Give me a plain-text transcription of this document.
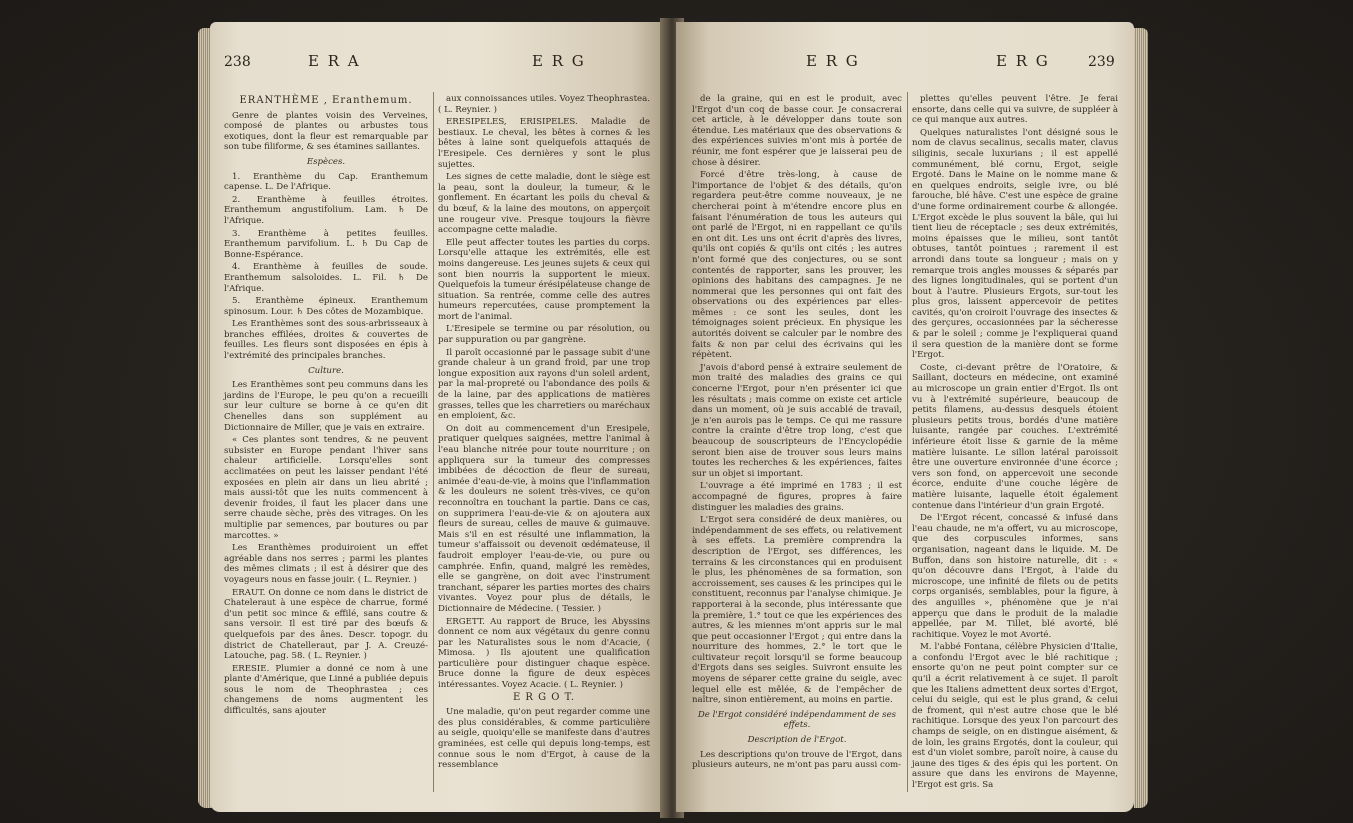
238	E R A	E R G
ERANTHÈME , Eranthemum.

Genre de plantes voisin des Verveines, composé de plantes ou arbustes tous exotiques, dont la fleur est remarquable par son tube filiforme, & ses étamines saillantes.

Espèces.

1. Eranthème du Cap. Eranthemum capense. L. De l'Afrique.

2. Eranthème à feuilles étroites. Eranthemum angustifolium. Lam. ♄ De l'Afrique.

3. Eranthème à petites feuilles. Eranthemum parvifolium. L. ♄ Du Cap de Bonne-Espérance.

4. Eranthème à feuilles de soude. Eranthemum salsoloides. L. Fil. ♄ De l'Afrique.

5. Eranthème épineux. Eranthemum spinosum. Lour. ♄ Des côtes de Mozambique.

Les Eranthèmes sont des sous-arbrisseaux à branches effilées, droites & couvertes de feuilles. Les fleurs sont disposées en épis à l'extrémité des principales branches.

Culture.

Les Eranthèmes sont peu communs dans les jardins de l'Europe, le peu qu'on a recueilli sur leur culture se borne à ce qu'en dit Chenelles dans son supplément au Dictionnaire de Miller, que je vais en extraire.

« Ces plantes sont tendres, & ne peuvent subsister en Europe pendant l'hiver sans chaleur artificielle. Lorsqu'elles sont acclimatées on peut les laisser pendant l'été exposées en plein air dans un lieu abrité ; mais aussi-tôt que les nuits commencent à devenir froides, il faut les placer dans une serre chaude sèche, près des vitrages. On les multiplie par semences, par boutures ou par marcottes. »

Les Eranthèmes produiroient un effet agréable dans nos serres ; parmi les plantes des mêmes climats ; il est à désirer que des voyageurs nous en fasse jouir. ( L. Reynier. )

ERAUT. On donne ce nom dans le district de Chateleraut à une espèce de charrue, formé d'un petit soc mince & effilé, sans coutre & sans versoir. Il est tiré par des bœufs & quelquefois par des ânes. Descr. topogr. du district de Chatelleraut, par J. A. Creuzé-Latouche, pag. 58. ( L. Reynier. )

ERESIE. Plumier a donné ce nom à une plante d'Amérique, que Linné a publiée depuis sous le nom de Theophrastea ; ces changemens de noms augmentent les difficultés, sans ajouter

aux connoissances utiles. Voyez Theophrastea. ( L. Reynier. )

ERESIPELES, ERISIPELES. Maladie de bestiaux. Le cheval, les bêtes à cornes & les bêtes à laine sont quelquefois attaqués de l'Eresipele. Ces dernières y sont le plus sujettes.

Les signes de cette maladie, dont le siège est la peau, sont la douleur, la tumeur, & le gonflement. En écartant les poils du cheval & du bœuf, & la laine des moutons, on apperçoit une rougeur vive. Presque toujours la fièvre accompagne cette maladie.

Elle peut affecter toutes les parties du corps. Lorsqu'elle attaque les extrémités, elle est moins dangereuse. Les jeunes sujets & ceux qui sont bien nourris la supportent le mieux. Quelquefois la tumeur érésipélateuse change de situation. Sa rentrée, comme celle des autres humeurs repercutées, cause promptement la mort de l'animal.

L'Eresipele se termine ou par résolution, ou par suppuration ou par gangrène.

Il paroît occasionné par le passage subit d'une grande chaleur à un grand froid, par une trop longue exposition aux rayons d'un soleil ardent, par la mal-propreté ou l'abondance des poils & de la laine, par des applications de matières grasses, telles que les charretiers ou maréchaux en emploient, &c.

On doit au commencement d'un Eresipele, pratiquer quelques saignées, mettre l'animal à l'eau blanche nitrée pour toute nourriture ; on appliquera sur la tumeur des compresses imbibées de décoction de fleur de sureau, animée d'eau-de-vie, à moins que l'inflammation & les douleurs ne soient très-vives, ce qu'on reconnoîtra en touchant la partie. Dans ce cas, on supprimera l'eau-de-vie & on ajoutera aux fleurs de sureau, celles de mauve & guimauve. Mais s'il en est résulté une inflammation, la tumeur s'affaissoit ou devenoit œdémateuse, il faudroit employer l'eau-de-vie, ou pure ou camphrée. Enfin, quand, malgré les remèdes, elle se gangrène, on doit avec l'instrument tranchant, séparer les parties mortes des chairs vivantes. Voyez pour plus de détails, le Dictionnaire de Médecine. ( Tessier. )

ERGETT. Au rapport de Bruce, les Abyssins donnent ce nom aux végétaux du genre connu par les Naturalistes sous le nom d'Acacie, ( Mimosa. ) Ils ajoutent une qualification particulière pour distinguer chaque espèce. Bruce donne la figure de deux espèces intéressantes. Voyez Acacie. ( L. Reynier. )

E R G O T.

Une maladie, qu'on peut regarder comme une des plus considérables, & comme particulière au seigle, quoiqu'elle se manifeste dans d'autres graminées, est celle qui depuis long-temps, est connue sous le nom d'Ergot, à cause de la ressemblance

E R G	E R G	239

de la graine, qui en est le produit, avec l'Ergot d'un coq de basse cour. Je consacrerai cet article, à le développer dans toute son étendue. Les matériaux que des observations & des expériences suivies m'ont mis à portée de réunir, me font espérer que je laisserai peu de chose à désirer.

Forcé d'être très-long, à cause de l'importance de l'objet & des détails, qu'on regardera peut-être comme nouveaux, je ne chercherai point à m'étendre encore plus en faisant l'énumération de tous les auteurs qui ont parlé de l'Ergot, ni en rappellant ce qu'ils en ont dit. Les uns ont écrit d'après des livres, qu'ils ont copiés & qu'ils ont cités ; les autres n'ont formé que des conjectures, ou se sont contentés de rapporter, sans les prouver, les opinions des habitans des campagnes. Je ne nommerai que les personnes qui ont fait des observations ou des expériences par elles-mêmes : ce sont les seules, dont les témoignages soient précieux. En physique les autorités doivent se calculer par le nombre des faits & non par celui des écrivains qui les répètent.

J'avois d'abord pensé à extraire seulement de mon traité des maladies des grains ce qui concerne l'Ergot, pour n'en présenter ici que les résultats ; mais comme on existe cet article dans un moment, où je suis accablé de travail, je n'en aurois pas le temps. Ce qui me rassure contre la crainte d'être trop long, c'est que beaucoup de souscripteurs de l'Encyclopédie seront bien aise de trouver sous leurs mains toutes les recherches & les expériences, faites sur un objet si important.

L'ouvrage a été imprimé en 1783 ; il est accompagné de figures, propres à faire distinguer les maladies des grains.

L'Ergot sera considéré de deux manières, ou indépendamment de ses effets, ou relativement à ses effets. La première comprendra la description de l'Ergot, ses différences, les terrains & les circonstances qui en produisent le plus, les phénomènes de sa formation, son accroissement, ses causes & les principes qui le constituent, reconnus par l'analyse chimique. Je rapporterai à la seconde, plus intéressante que la première, 1.° tout ce que les expériences des autres, & les miennes m'ont appris sur le mal que peut occasionner l'Ergot ; qui entre dans la nourriture des hommes, 2.° le tort que le cultivateur reçoit lorsqu'il se forme beaucoup d'Ergots dans ses seigles. Suivront ensuite les moyens de séparer cette graine du seigle, avec lequel elle est mêlée, & de l'empêcher de naître, sinon entièrement, au moins en partie.

De l'Ergot considéré indépendamment de ses effets.

Description de l'Ergot.

Les descriptions qu'on trouve de l'Ergot, dans plusieurs auteurs, ne m'ont pas paru aussi com-

plettes qu'elles peuvent l'être. Je ferai ensorte, dans celle qui va suivre, de suppléer à ce qui manque aux autres.

Quelques naturalistes l'ont désigné sous le nom de clavus secalinus, secalis mater, clavus siliginis, secale luxurians ; il est appellé communément, blé cornu, Ergot, seigle Ergoté. Dans le Maine on le nomme mane & en quelques endroits, seigle ivre, ou blé farouche, blé hâve. C'est une espèce de graine d'une forme ordinairement courbe & allongée. L'Ergot excède le plus souvent la bâle, qui lui tient lieu de réceptacle ; ses deux extrémités, moins épaisses que le milieu, sont tantôt obtuses, tantôt pointues ; rarement il est arrondi dans toute sa longueur ; mais on y remarque trois angles mousses & séparés par des lignes longitudinales, qui se portent d'un bout à l'autre. Plusieurs Ergots, sur-tout les plus gros, laissent appercevoir de petites cavités, qu'on croiroit l'ouvrage des insectes & des gerçures, occasionnées par la sécheresse & par le soleil ; comme je l'expliquerai quand il sera question de la manière dont se forme l'Ergot.

Coste, ci-devant prêtre de l'Oratoire, & Saillant, docteurs en médecine, ont examiné au microscope un grain entier d'Ergot. Ils ont vu à l'extrémité supérieure, beaucoup de petits filamens, au-dessus desquels étoient plusieurs petits trous, bordés d'une matière luisante, rangée par couches. L'extrémité inférieure étoit lisse & garnie de la même matière luisante. Le sillon latéral paroissoit être une ouverture environnée d'une écorce ; vers son fond, on appercevoit une seconde écorce, enduite d'une couche légère de matière luisante, laquelle étoit également contenue dans l'intérieur d'un grain Ergoté.

De l'Ergot récent, concassé & infusé dans l'eau chaude, ne m'a offert, vu au microscope, que des corpuscules informes, sans organisation, nageant dans le liquide. M. De Buffon, dans son histoire naturelle, dit : « qu'on découvre dans l'Ergot, à l'aide du microscope, une infinité de filets ou de petits corps organisés, semblables, pour la figure, à des anguilles », phénomène que je n'ai apperçu que dans le produit de la maladie appellée, par M. Tillet, blé avorté, blé rachitique. Voyez le mot Avorté.

M. l'abbé Fontana, célèbre Physicien d'Italie, a confondu l'Ergot avec le blé rachitique ; ensorte qu'on ne peut point compter sur ce qu'il a écrit relativement à ce sujet. Il paroît que les Italiens admettent deux sortes d'Ergot, celui du seigle, qui est le plus grand, & celui de froment, qui n'est autre chose que le blé rachitique. Lorsque des yeux l'on parcourt des champs de seigle, on en distingue aisément, & de loin, les grains Ergotés, dont la couleur, qui est d'un violet sombre, paroît noire, à cause du jaune des tiges & des épis qui les portent. On assure que dans les environs de Mayenne, l'Ergot est gris. Sa
